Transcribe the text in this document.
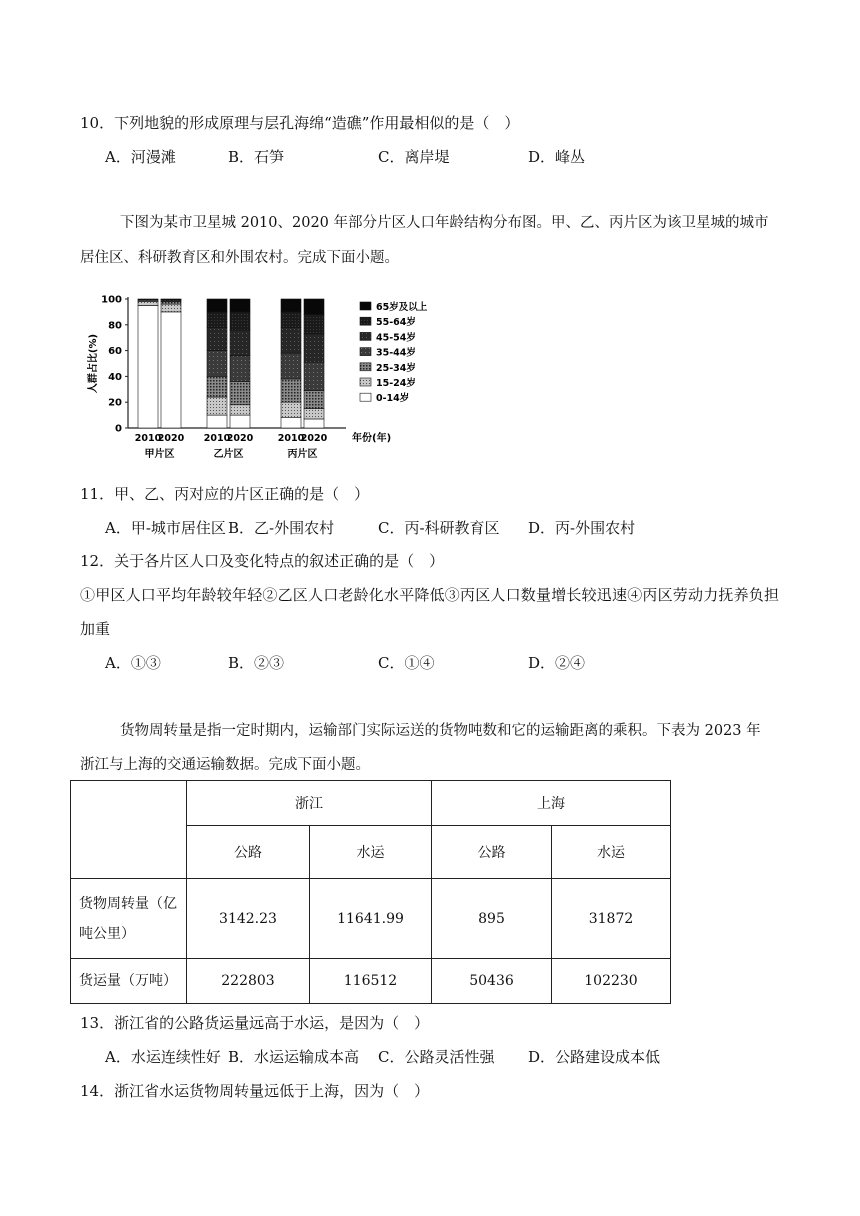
10．下列地貌的形成原理与层孔海绵“造礁”作用最相似的是（　）
A．河漫滩	B．石笋	C．离岸堤	D．峰丛
下图为某市卫星城 2010、2020 年部分片区人口年龄结构分布图。甲、乙、丙片区为该卫星城的城市
居住区、科研教育区和外围农村。完成下面小题。
人群占比(%)
0
20
40
60
80
100
2010
2020 2010
2020	2010
2020
甲片区	乙片区	丙片区
年份(年)
65岁及以上
55-64岁
45-54岁
35-44岁
25-34岁
15-24岁
0-14岁
11．甲、乙、丙对应的片区正确的是（　）
A．甲-城市居住区 B．乙-外围农村	C．丙-科研教育区 D．丙-外围农村
12．关于各片区人口及变化特点的叙述正确的是（　）
①甲区人口平均年龄较年轻②乙区人口老龄化水平降低③丙区人口数量增长较迅速④丙区劳动力抚养负担
加重
A．①③	B．②③	C．①④	D．②④
货物周转量是指一定时期内，运输部门实际运送的货物吨数和它的运输距离的乘积。下表为 2023 年
浙江与上海的交通运输数据。完成下面小题。
	浙江		上海	
	公路	水运	公路	水运

货物周转量（亿
吨公里）	3142.23	11641.99	895	31872
货运量（万吨）	222803	116512	50436	102230
13．浙江省的公路货运量远高于水运，是因为（　）
A．水运连续性好 B．水运运输成本高 C．公路灵活性强 D．公路建设成本低
14．浙江省水运货物周转量远低于上海，因为（　）
